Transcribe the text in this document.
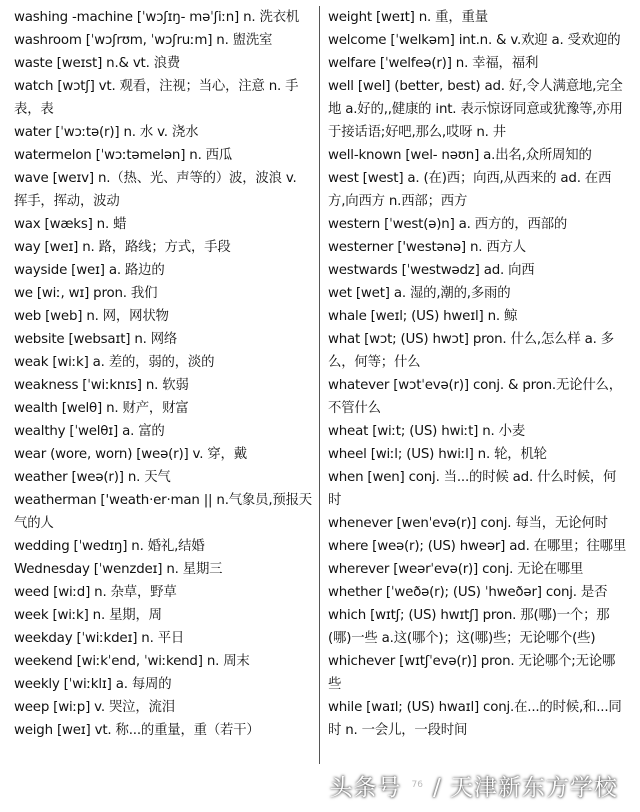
washing -machine [ˈwɔʃɪŋ- məˈʃiːn] n. 洗衣机

washroom [ˈwɔʃrʊm, ˈwɔʃruːm] n. 盥洗室

waste [weɪst] n.& vt. 浪费

watch [wɔtʃ] vt. 观看，注视；当心，注意 n. 手表，表

water [ˈwɔːtə(r)] n. 水 v. 浇水

watermelon [ˈwɔːtəmelən] n. 西瓜

wave [weɪv] n.（热、光、声等的）波，波浪 v. 挥手，挥动，波动

wax [wæks] n. 蜡

way [weɪ] n. 路，路线；方式，手段

wayside [weɪ] a. 路边的

we [wiː, wɪ] pron. 我们

web [web] n. 网，网状物

website [websaɪt] n. 网络

weak [wiːk] a. 差的，弱的，淡的

weakness [ˈwiːknɪs] n. 软弱

wealth [welθ] n. 财产，财富

wealthy [ˈwelθɪ] a. 富的

wear (wore, worn) [weə(r)] v. 穿，戴

weather [weə(r)] n. 天气

weatherman ['weath·er·man || n.气象员,预报天气的人

wedding [ˈwedɪŋ] n. 婚礼,结婚

Wednesday [ˈwenzdeɪ] n. 星期三

weed [wiːd] n. 杂草，野草

week [wiːk] n. 星期，周

weekday [ˈwiːkdeɪ] n. 平日

weekend [wiːkˈend, ˈwiːkend] n. 周末

weekly [ˈwiːklɪ] a. 每周的

weep [wiːp] v. 哭泣，流泪

weigh [weɪ] vt. 称...的重量，重（若干）

weight [weɪt] n. 重，重量

welcome [ˈwelkəm] int.n. & v.欢迎 a. 受欢迎的

welfare [ˈwelfeə(r)] n. 幸福，福利

well [wel] (better, best) ad. 好,令人满意地,完全地 a.好的,,健康的 int. 表示惊讶同意或犹豫等,亦用于接话语;好吧,那么,哎呀 n. 井

well-known [wel- nəʊn] a.出名,众所周知的

west [west] a. (在)西；向西,从西来的 ad. 在西方,向西方 n.西部；西方

western [ˈwest(ə)n] a. 西方的，西部的

westerner ['westənə] n. 西方人

westwards [ˈwestwədz] ad. 向西

wet [wet] a. 湿的,潮的,多雨的

whale [weɪl; (US) hweɪl] n. 鲸

what [wɔt; (US) hwɔt] pron. 什么,怎么样 a. 多么，何等；什么

whatever [wɔtˈevə(r)] conj. & pron.无论什么，不管什么

wheat [wiːt; (US) hwiːt] n. 小麦

wheel [wiːl; (US) hwiːl] n. 轮，机轮

when [wen] conj. 当...的时候 ad. 什么时候，何时

whenever [wenˈevə(r)] conj. 每当，无论何时

where [weə(r); (US) hweər] ad. 在哪里；往哪里

wherever [weərˈevə(r)] conj. 无论在哪里

whether [ˈweðə(r); (US) ˈhweðər] conj. 是否

which [wɪtʃ; (US) hwɪtʃ] pron. 那(哪)一个；那(哪)一些 a.这(哪个)；这(哪)些；无论哪个(些)

whichever [wɪtʃˈevə(r)] pron. 无论哪个;无论哪些

while [waɪl; (US) hwaɪl] conj.在...的时候,和...同时 n. 一会儿，一段时间

头条号 76 / 天津新东方学校
